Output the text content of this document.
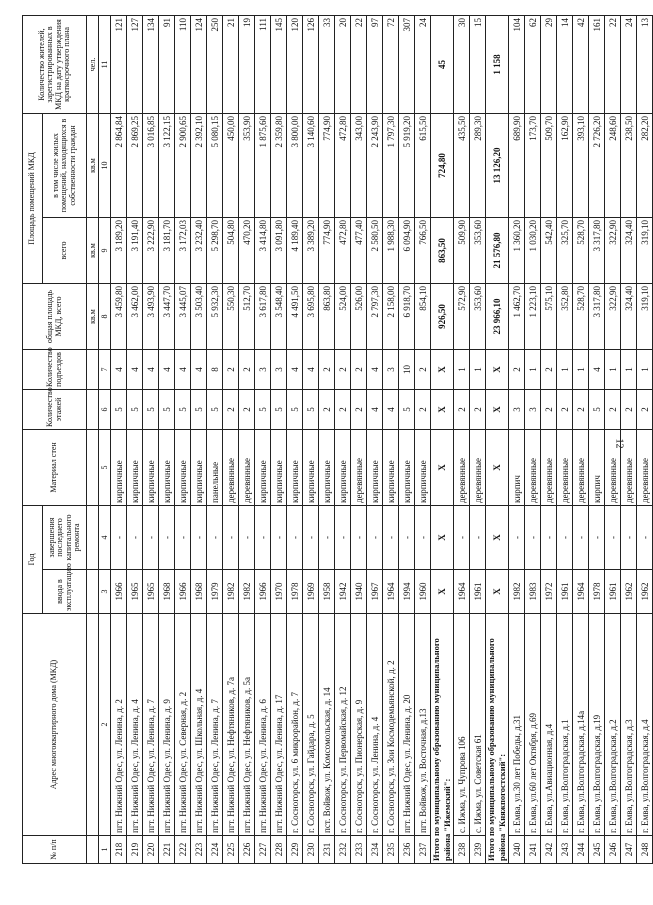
12
№ п/п	Адрес многоквартирного дома (МКД)	Год		Материал стен	Количество этажей	Количество подъездов	общая площадь МКД, всего	Площадь помещений МКД		Количество жителей, зарегистрированных в МКД на дату утверждения краткосрочного плана
		ввода в эксплуатацию	завершения последнего капитального ремонта					всего	в том числе жилых помещений, находящихся в собственности граждан	
							кв.м	кв.м	кв.м	чел.
1	2	3	4	5	6	7	8	9	10	11
218	пгт. Нижний Одес, ул. Ленина, д. 2	1966	-	кирпичные	5	4	3 459,80	3 189,20	2 864,84	121
219	пгт. Нижний Одес, ул. Ленина, д. 4	1965	-	кирпичные	5	4	3 462,00	3 191,40	2 869,25	127
220	пгт. Нижний Одес, ул. Ленина, д. 7	1965	-	кирпичные	5	4	3 493,90	3 222,90	3 016,85	134
221	пгт. Нижний Одес, ул. Ленина, д. 9	1968	-	кирпичные	5	4	3 447,70	3 181,70	3 122,15	91
222	пгт. Нижний Одес, ул. Северная, д. 2	1966	-	кирпичные	5	4	3 445,07	3 172,03	2 900,65	110
223	пгт. Нижний Одес, ул. Школьная, д. 4	1968	-	кирпичные	5	4	3 503,40	3 232,40	2 392,10	124
224	пгт. Нижний Одес, ул. Ленина, д. 7	1979	-	панельные	5	8	5 932,30	5 298,70	5 080,15	250
225	пгт. Нижний Одес, ул. Нефтяников, д. 7а	1982	-	деревянные	2	2	550,30	504,80	450,00	21
226	пгт. Нижний Одес, ул. Нефтяников, д. 5а	1982	-	деревянные	2	2	512,70	470,20	353,90	19
227	пгт. Нижний Одес, ул. Ленина, д. 6	1966	-	кирпичные	5	3	3 617,80	3 414,80	1 875,60	111
228	пгт. Нижний Одес, ул. Ленина, д. 17	1970	-	кирпичные	5	3	3 548,40	3 091,80	2 359,80	145
229	г. Сосногорск, ул. 6 микрорайон, д. 7	1978	-	кирпичные	5	4	4 491,50	4 189,40	3 800,00	120
230	г. Сосногорск, ул. Гайдара, д. 5	1969	-	кирпичные	5	4	3 695,80	3 389,20	3 140,60	126
231	пст. Войвож, ул. Комсомольская, д. 14	1958	-	кирпичные	2	2	863,80	774,90	774,90	33
232	г. Сосногорск, ул. Первомайская, д. 12	1942	-	кирпичные	2	2	524,00	472,80	472,80	20
233	г. Сосногорск, ул. Пионерская, д. 9	1940	-	деревянные	2	2	526,00	477,40	343,00	22
234	г. Сосногорск, ул. Ленина, д. 4	1967	-	кирпичные	4	4	2 797,30	2 580,50	2 243,90	97
235	г. Сосногорск, ул. Зои Космодемьянской, д. 2	1964	-	кирпичные	4	3	2 158,00	1 988,30	1 797,30	72
236	пгт. Нижний Одес, ул. Ленина, д. 20	1994	-	кирпичные	5	10	6 918,70	6 094,90	5 919,20	307
237	пгт. Войвож, ул. Восточная, д.13	1960	-	кирпичные	2	2	854,10	766,50	615,50	24
Итого по муниципальному образованию муниципального района "Ижемский":		X	X	X	X	X	926,50	863,50	724,80	45
238	с. Ижма, ул. Чупрова 106	1964	-	деревянные	2	1	572,90	509,90	435,50	30
239	с. Ижма, ул. Советская 61	1961	-	деревянные	2	1	353,60	353,60	289,30	15
Итого по муниципальному образованию муниципального района "Княжпогостский":		X	X	X	X	X	23 966,10	21 576,80	13 126,20	1 158
240	г. Емва, ул.30 лет Победы, д.31	1982	-	кирпич	3	2	1 462,70	1 360,20	689,90	104
241	г. Емва, ул.60 лет Октября, д.69	1983	-	деревянные	3	1	1 223,10	1 030,20	173,70	62
242	г. Емва, ул.Авиационная, д.4	1972	-	деревянные	2	2	575,10	542,40	509,70	29
243	г. Емва, ул.Волгоградская, д.1	1961	-	деревянные	2	1	352,80	325,70	162,90	14
244	г. Емва, ул.Волгоградская, д.14а	1964	-	деревянные	2	1	528,70	528,70	393,10	42
245	г. Емва, ул.Волгоградская, д.19	1978	-	кирпич	5	4	3 317,80	3 317,80	2 726,20	161
246	г. Емва, ул.Волгоградская, д.2	1961	-	деревянные	2	1	322,90	322,90	248,60	22
247	г. Емва, ул.Волгоградская, д.3	1962	-	деревянные	2	1	324,40	324,40	238,50	24
248	г. Емва, ул.Волгоградская, д.4	1962	-	деревянные	2	1	319,10	319,10	282,20	13
